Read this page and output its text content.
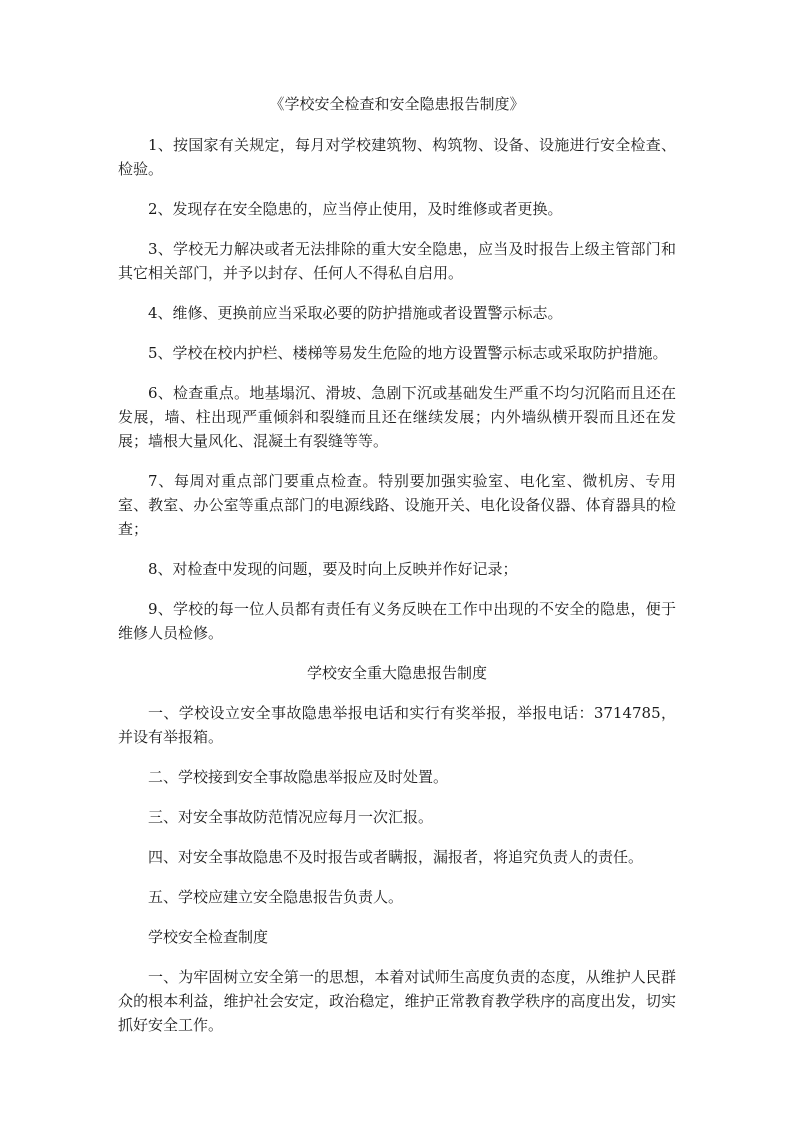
《学校安全检查和安全隐患报告制度》

1、按国家有关规定，每月对学校建筑物、构筑物、设备、设施进行安全检查、检验。

2、发现存在安全隐患的，应当停止使用，及时维修或者更换。

3、学校无力解决或者无法排除的重大安全隐患，应当及时报告上级主管部门和其它相关部门，并予以封存、任何人不得私自启用。

4、维修、更换前应当采取必要的防护措施或者设置警示标志。

5、学校在校内护栏、楼梯等易发生危险的地方设置警示标志或采取防护措施。

6、检查重点。地基塌沉、滑坡、急剧下沉或基础发生严重不均匀沉陷而且还在发展，墙、柱出现严重倾斜和裂缝而且还在继续发展；内外墙纵横开裂而且还在发展；墙根大量风化、混凝土有裂缝等等。

7、每周对重点部门要重点检查。特别要加强实验室、电化室、微机房、专用室、教室、办公室等重点部门的电源线路、设施开关、电化设备仪器、体育器具的检查；

8、对检查中发现的问题，要及时向上反映并作好记录；

9、学校的每一位人员都有责任有义务反映在工作中出现的不安全的隐患，便于维修人员检修。

学校安全重大隐患报告制度

一、学校设立安全事故隐患举报电话和实行有奖举报，举报电话：3714785，并设有举报箱。

二、学校接到安全事故隐患举报应及时处置。

三、对安全事故防范情况应每月一次汇报。

四、对安全事故隐患不及时报告或者瞒报，漏报者，将追究负责人的责任。

五、学校应建立安全隐患报告负责人。

学校安全检查制度

一、为牢固树立安全第一的思想，本着对试师生高度负责的态度，从维护人民群众的根本利益，维护社会安定，政治稳定，维护正常教育教学秩序的高度出发，切实抓好安全工作。
